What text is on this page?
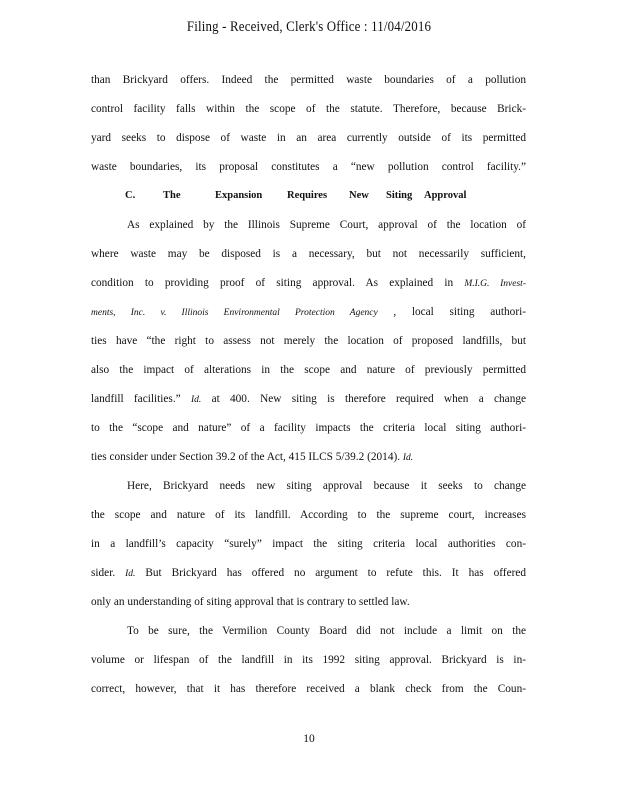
Filing - Received, Clerk's Office : 11/04/2016
than Brickyard offers. Indeed the permitted waste boundaries of a pollution
control facility falls within the scope of the statute. Therefore, because Brick-
yard seeks to dispose of waste in an area currently outside of its permitted
waste boundaries, its proposal constitutes a “new pollution control facility.”
C.	The	Expansion Requires New Siting Approval
As explained by the Illinois Supreme Court, approval of the location of
where waste may be disposed is a necessary, but not necessarily sufficient,
condition to providing proof of siting approval. As explained in M.I.G. Invest-
ments, Inc. v. Illinois Environmental Protection Agency , local siting authori-
ties have “the right to assess not merely the location of proposed landfills, but
also the impact of alterations in the scope and nature of previously permitted
landfill facilities.” Id. at 400. New siting is therefore required when a change
to the “scope and nature” of a facility impacts the criteria local siting authori-
ties consider under Section 39.2 of the Act, 415 ILCS 5/39.2 (2014). Id.
Here, Brickyard needs new siting approval because it seeks to change
the scope and nature of its landfill. According to the supreme court, increases
in a landfill’s capacity “surely” impact the siting criteria local authorities con-
sider. Id. But Brickyard has offered no argument to refute this. It has offered
only an understanding of siting approval that is contrary to settled law.
To be sure, the Vermilion County Board did not include a limit on the
volume or lifespan of the landfill in its 1992 siting approval. Brickyard is in-
correct, however, that it has therefore received a blank check from the Coun-
10
